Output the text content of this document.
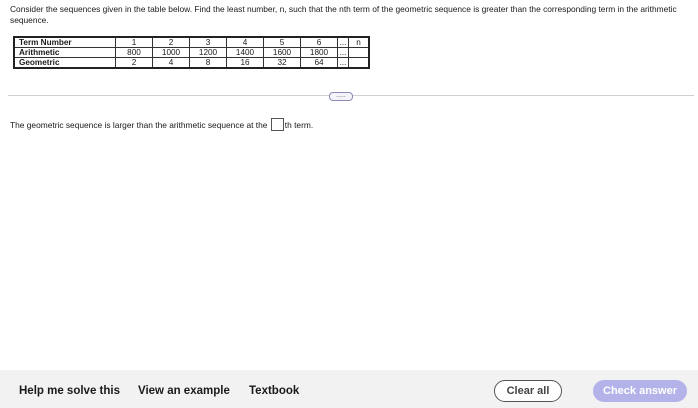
Consider the sequences given in the table below. Find the least number, n, such that the nth term of the geometric sequence is greater than the corresponding term in the arithmetic sequence.
Term Number	1	2	3	4	5	6	...	n
Arithmetic	800	1000	1200	1400	1600	1800	...	
Geometric	2	4	8	16	32	64	...	
.....
The geometric sequence is larger than the arithmetic sequence at the th term.
Help me solve this View an example Textbook	Clear all	Check answer
